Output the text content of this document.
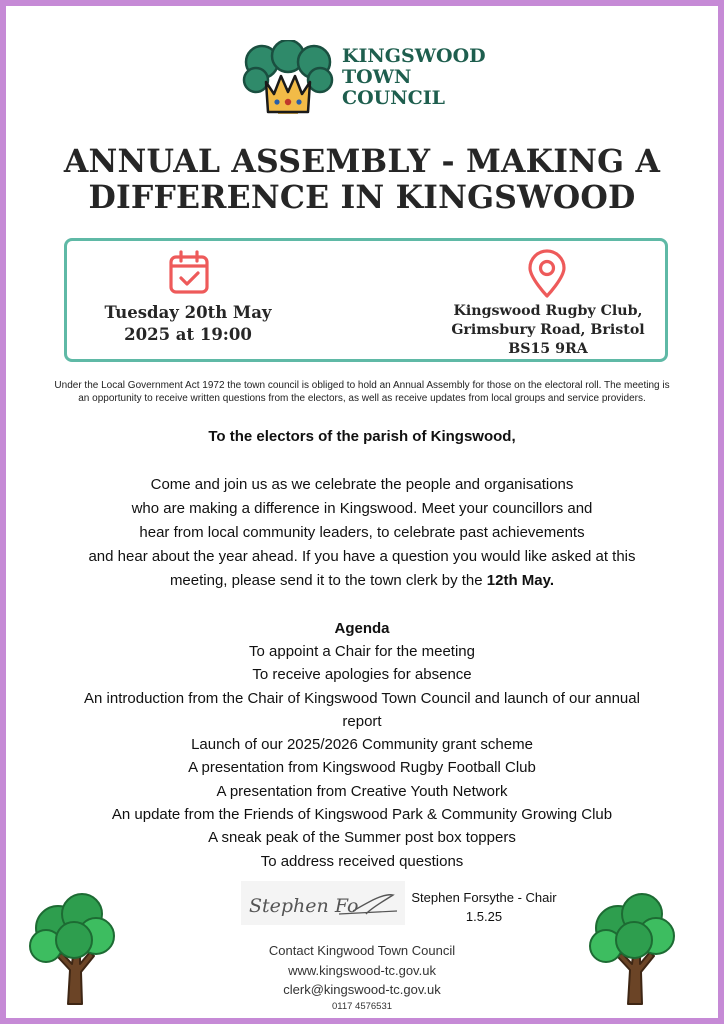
KINGSWOOD
TOWN
COUNCIL
ANNUAL ASSEMBLY - MAKING A
DIFFERENCE IN KINGSWOOD
Tuesday 20th May
2025 at 19:00
Kingswood Rugby Club,
Grimsbury Road, Bristol
BS15 9RA
Under the Local Government Act 1972 the town council is obliged to hold an Annual Assembly for those on the electoral roll. The meeting is
an opportunity to receive written questions from the electors, as well as receive updates from local groups and service providers.
To the electors of the parish of Kingswood,
Come and join us as we celebrate the people and organisations
who are making a difference in Kingswood. Meet your councillors and
hear from local community leaders, to celebrate past achievements
and hear about the year ahead. If you have a question you would like asked at this
meeting, please send it to the town clerk by the 12th May.
Agenda
To appoint a Chair for the meeting
To receive apologies for absence
An introduction from the Chair of Kingswood Town Council and launch of our annual
report
Launch of our 2025/2026 Community grant scheme
A presentation from Kingswood Rugby Football Club
A presentation from Creative Youth Network
An update from the Friends of Kingswood Park & Community Growing Club
A sneak peak of the Summer post box toppers
To address received questions
Stephen Fo	Stephen Forsythe - Chair
1.5.25
Contact Kingwood Town Council
www.kingswood-tc.gov.uk
clerk@kingswood-tc.gov.uk
0117 4576531
